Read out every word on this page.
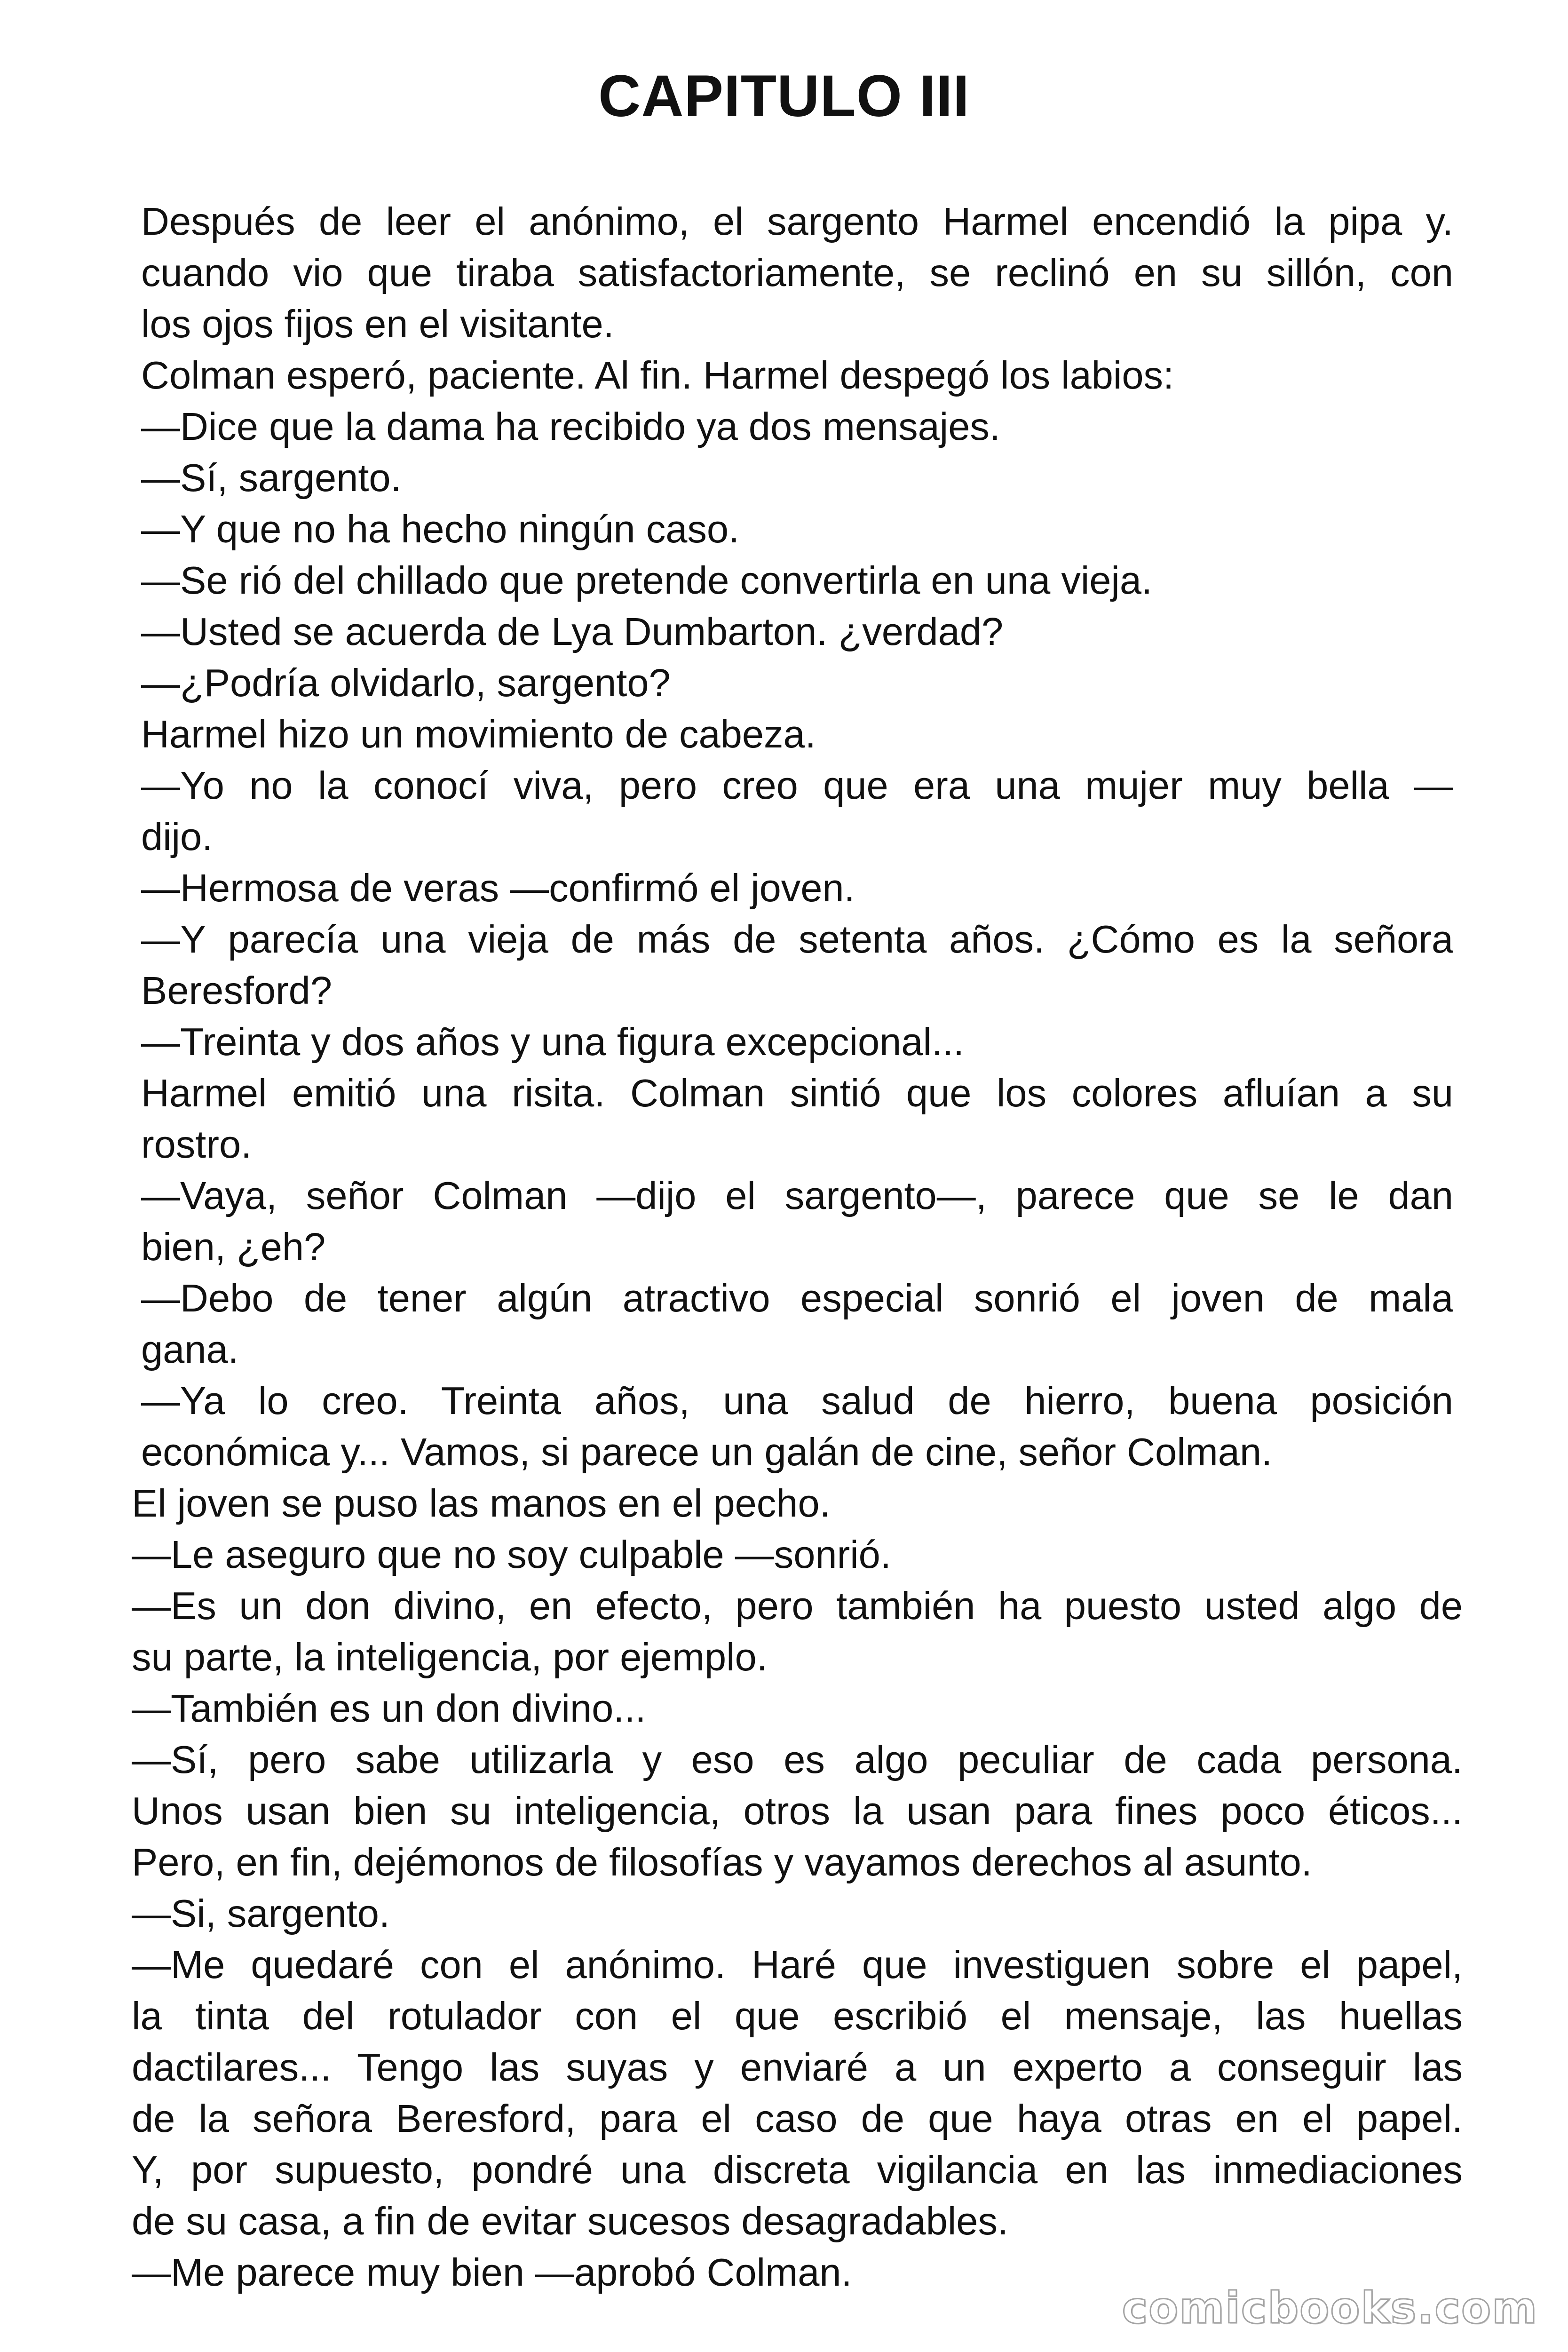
CAPITULO III
Después de leer el anónimo, el sargento Harmel encendió la pipa y.
cuando vio que tiraba satisfactoriamente, se reclinó en su sillón, con
los ojos fijos en el visitante.
Colman esperó, paciente. Al fin. Harmel despegó los labios:
—Dice que la dama ha recibido ya dos mensajes.
—Sí, sargento.
—Y que no ha hecho ningún caso.
—Se rió del chillado que pretende convertirla en una vieja.
—Usted se acuerda de Lya Dumbarton. ¿verdad?
—¿Podría olvidarlo, sargento?
Harmel hizo un movimiento de cabeza.
—Yo no la conocí viva, pero creo que era una mujer muy bella —
dijo.
—Hermosa de veras —confirmó el joven.
—Y parecía una vieja de más de setenta años. ¿Cómo es la señora
Beresford?
—Treinta y dos años y una figura excepcional...
Harmel emitió una risita. Colman sintió que los colores afluían a su
rostro.
—Vaya, señor Colman —dijo el sargento—, parece que se le dan
bien, ¿eh?
—Debo de tener algún atractivo especial sonrió el joven de mala
gana.
—Ya lo creo. Treinta años, una salud de hierro, buena posición
económica y... Vamos, si parece un galán de cine, señor Colman.
El joven se puso las manos en el pecho.
—Le aseguro que no soy culpable —sonrió.
—Es un don divino, en efecto, pero también ha puesto usted algo de
su parte, la inteligencia, por ejemplo.
—También es un don divino...
—Sí, pero sabe utilizarla y eso es algo peculiar de cada persona.
Unos usan bien su inteligencia, otros la usan para fines poco éticos...
Pero, en fin, dejémonos de filosofías y vayamos derechos al asunto.
—Si, sargento.
—Me quedaré con el anónimo. Haré que investiguen sobre el papel,
la tinta del rotulador con el que escribió el mensaje, las huellas
dactilares... Tengo las suyas y enviaré a un experto a conseguir las
de la señora Beresford, para el caso de que haya otras en el papel.
Y, por supuesto, pondré una discreta vigilancia en las inmediaciones
de su casa, a fin de evitar sucesos desagradables.
—Me parece muy bien —aprobó Colman.
comicbooks.com
